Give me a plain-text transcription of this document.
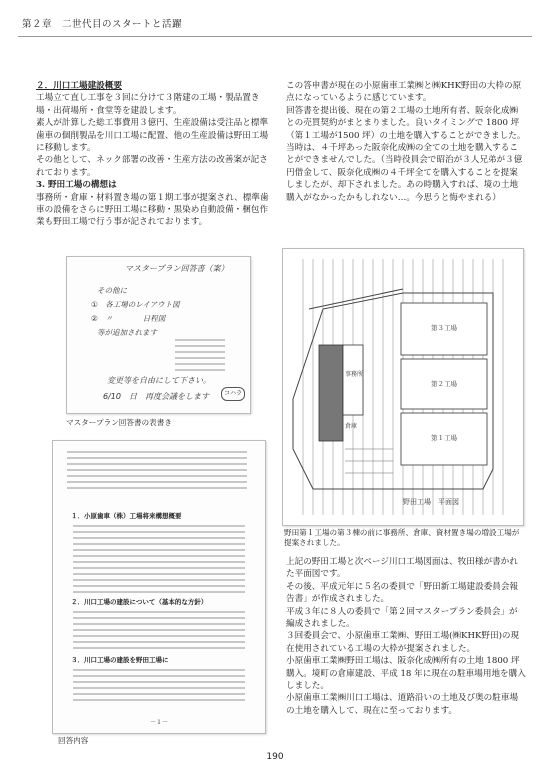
第２章　二世代目のスタートと活躍

２．川口工場建設概要

工場立て直し工事を３回に分けて３階建の工場・製品置き場・出荷場所・食堂等を建設します。

素人が計算した総工事費用３億円、生産設備は受注品と標準歯車の個削製品を川口工場に配置、他の生産設備は野田工場に移動します。

その他として、ネック部署の改善・生産方法の改善案が記されております。

3. 野田工場の構想は

事務所・倉庫・材料置き場の第１期工事が提案され、標準歯車の設備をさらに野田工場に移動・黒染め自動設備・梱包作業も野田工場で行う事が記されております。

マスタープラン回答書（案）
その他に
①　各工場のレイアウト図
②　〃　　　　日程図
等が追加されます
変更等を自由にして下さい。
6/10　日　再度会議をします	コハラ
マスタープラン回答書の表書き
１．小原歯車（株）工場将来構想概要
２．川口工場の建設について（基本的な方針）
３．川口工場の建設を野田工場に
－１－
回答内容

この答申書が現在の小原歯車工業㈱と㈱KHK野田の大枠の原点になっているように感じています。

回答書を提出後、現在の第２工場の土地所有者、阪奈化成㈱との売買契約がまとまりました。良いタイミングで 1800 坪（第１工場が1500 坪）の土地を購入することができました。

当時は、４千坪あった阪奈化成㈱の全ての土地を購入することができませんでした。（当時役員会で昭治が３人兄弟が３億円借金して、阪奈化成㈱の４千坪全てを購入することを提案しましたが、却下されました。あの時購入すれば、境の土地購入がなかったかもしれない…。今思うと悔やまれる）

第３工場
第２工場
第１工場
事務所
倉庫
野田工場　平面図
野田第１工場の第３棟の前に事務所、倉庫、資材置き場の増設工場が提案されました。

上記の野田工場と次ページ川口工場図面は、牧田様が書かれた平面図です。

その後、平成元年に５名の委員で「野田新工場建設委員会報告書」が作成されました。

平成３年に８人の委員で「第２回マスタープラン委員会」が編成されました。

３回委員会で、小原歯車工業㈱、野田工場(㈱KHK野田)の現在使用されている工場の大枠が提案されました。

小原歯車工業㈱野田工場は、阪奈化成㈱所有の土地 1800 坪購入。境町の倉庫建設、平成 18 年に現在の駐車場用地を購入しました。

小原歯車工業㈱川口工場は、道路沿いの土地及び奥の駐車場の土地を購入して、現在に至っております。

190
